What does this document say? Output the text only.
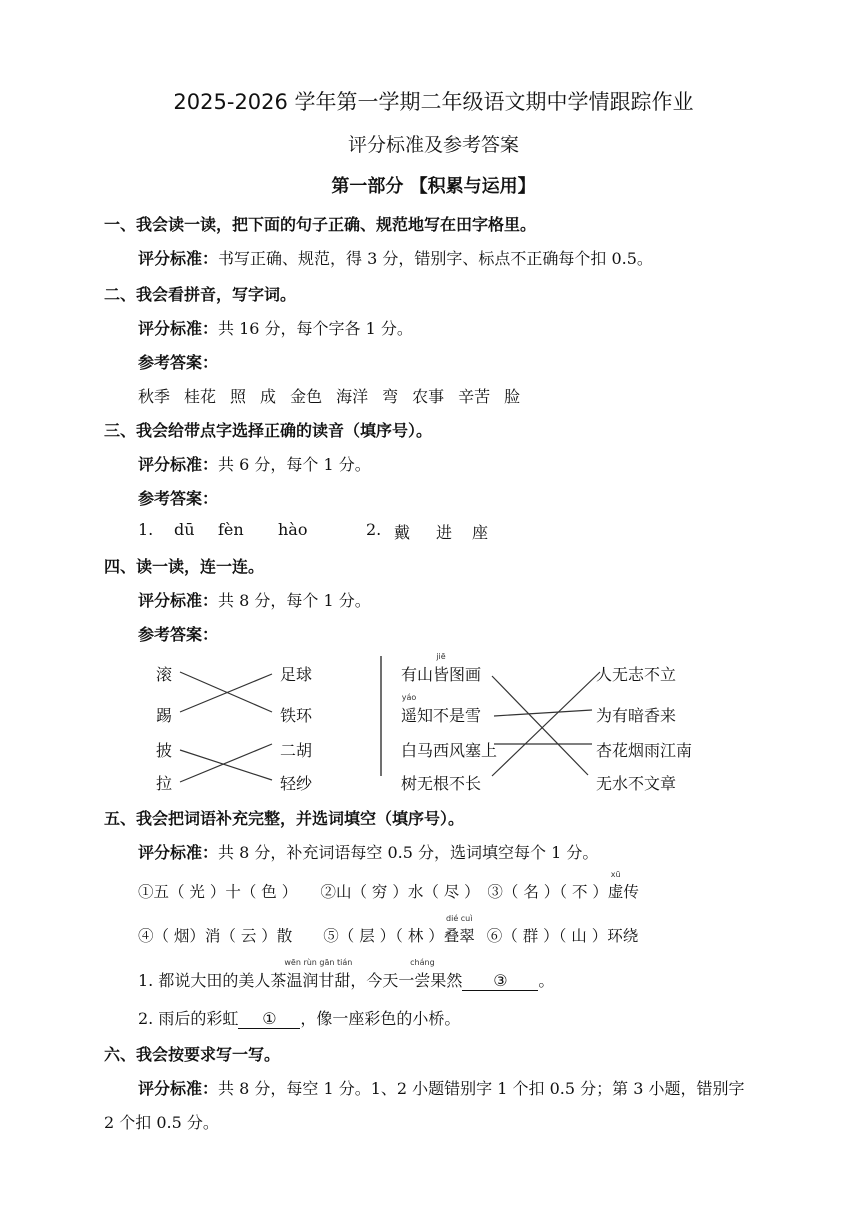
2025-2026 学年第一学期二年级语文期中学情跟踪作业
评分标准及参考答案
第一部分 【积累与运用】
一、我会读一读，把下面的句子正确、规范地写在田字格里。
评分标准：书写正确、规范，得 3 分，错别字、标点不正确每个扣 0.5。
二、我会看拼音，写字词。
评分标准：共 16 分，每个字各 1 分。
参考答案：
秋季 桂花 照 成 金色 海洋 弯 农事 辛苦 脸
三、我会给带点字选择正确的读音（填序号）。
评分标准：共 6 分，每个 1 分。
参考答案：
1. dū fèn hào	2. 戴 进 座
四、读一读，连一连。
评分标准：共 8 分，每个 1 分。
参考答案：
滚
踢
披
拉
足球
铁环
二胡
轻纱
有山
jiē
皆图画
yáo
遥知不是雪
白马西风塞上
树无根不长
人无志不立
为有暗香来
杏花烟雨江南
无水不文章
五、我会把词语补充完整，并选词填空（填序号）。
评分标准：共 8 分，补充词语每空 0.5 分，选词填空每个 1 分。
①五（ 光 ）十（ 色 ）　　②山（ 穷 ）水（ 尽 ）　③（ 名 ）（ 不 ）
xū
虚传
④（ 烟）消（ 云 ）散　　⑤（ 层 ）（ 林 ）
dié cuì
叠翠 ⑥（ 群 ）（ 山 ）环绕
1. 都说大田的美人茶
wēn rùn gān tián
温润甘甜，今天一
cháng
尝果然 ③ 。
2. 雨后的彩虹 ① ，像一座彩色的小桥。
六、我会按要求写一写。
评分标准：共 8 分，每空 1 分。1、2 小题错别字 1 个扣 0.5 分；第 3 小题，错别字
2 个扣 0.5 分。
